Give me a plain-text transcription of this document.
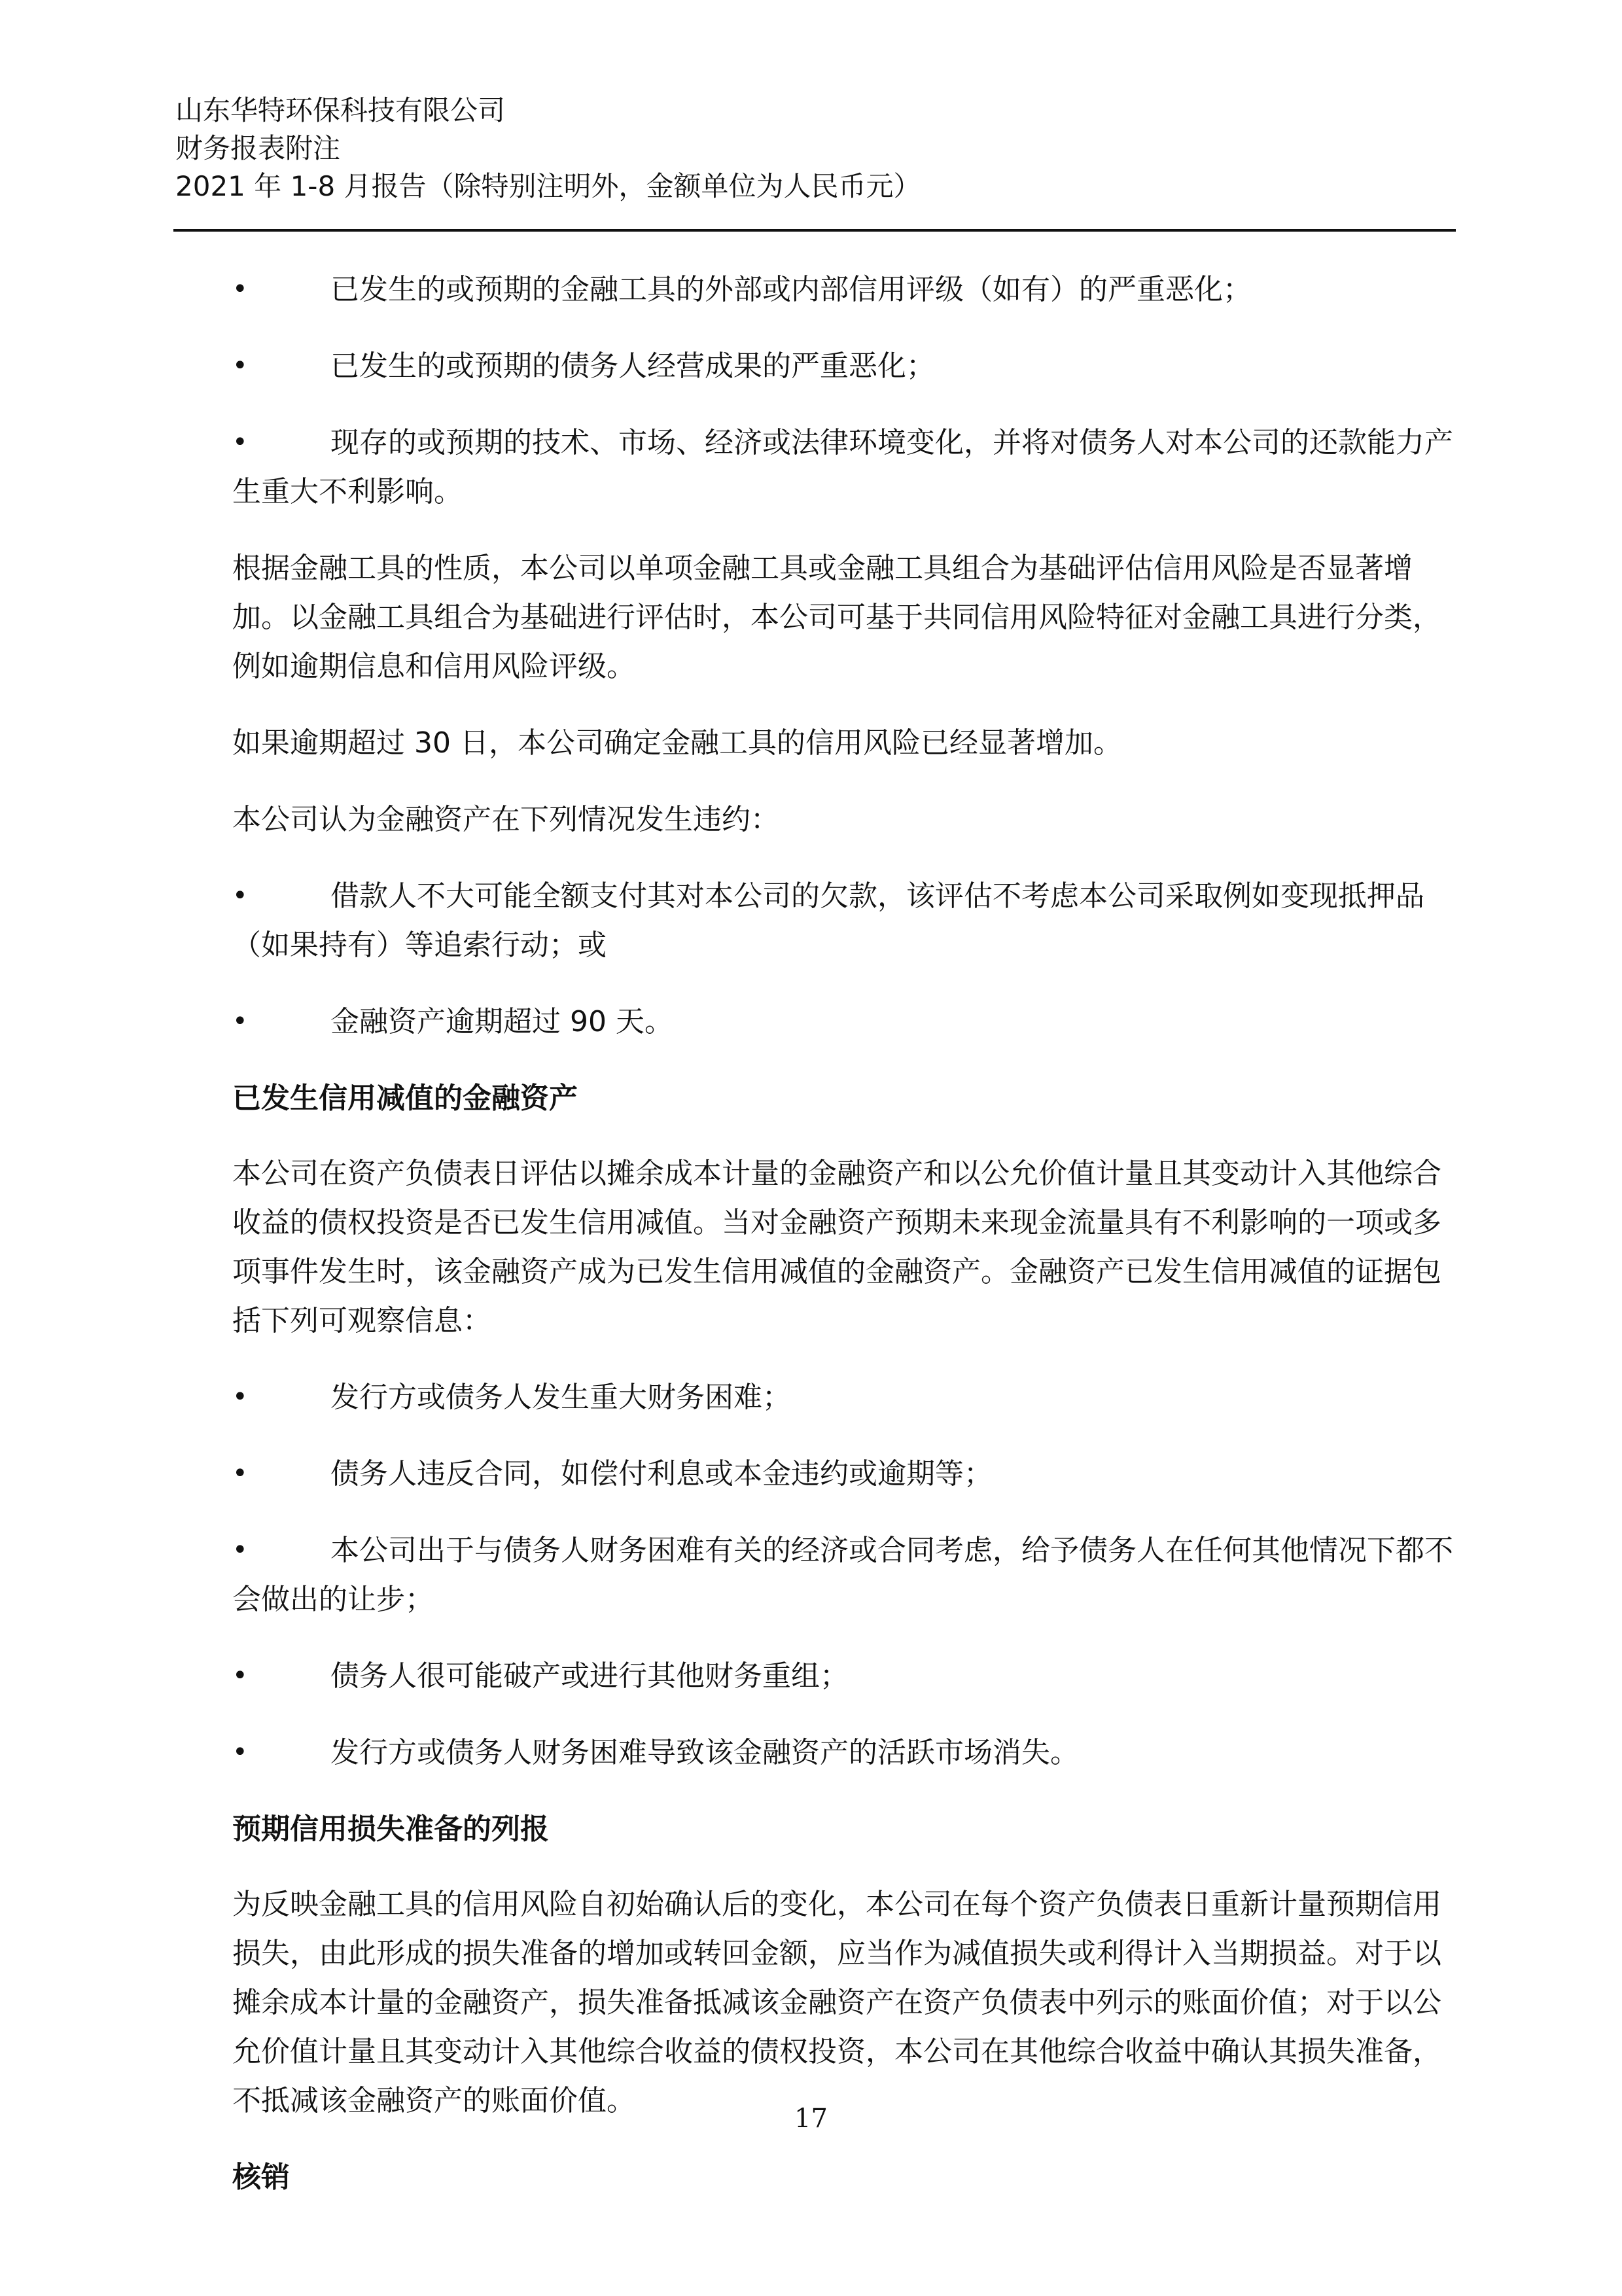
山东华特环保科技有限公司
财务报表附注
2021 年 1-8 月报告（除特别注明外，金额单位为人民币元）
•	已发生的或预期的金融工具的外部或内部信用评级（如有）的严重恶化；
•	已发生的或预期的债务人经营成果的严重恶化；
•	现存的或预期的技术、市场、经济或法律环境变化，并将对债务人对本公司的还款能力产生重大不利影响。

根据金融工具的性质，本公司以单项金融工具或金融工具组合为基础评估信用风险是否显著增加。以金融工具组合为基础进行评估时，本公司可基于共同信用风险特征对金融工具进行分类，例如逾期信息和信用风险评级。

如果逾期超过 30 日，本公司确定金融工具的信用风险已经显著增加。

本公司认为金融资产在下列情况发生违约：

•	借款人不大可能全额支付其对本公司的欠款，该评估不考虑本公司采取例如变现抵押品（如果持有）等追索行动；或
•	金融资产逾期超过 90 天。
已发生信用减值的金融资产

本公司在资产负债表日评估以摊余成本计量的金融资产和以公允价值计量且其变动计入其他综合收益的债权投资是否已发生信用减值。当对金融资产预期未来现金流量具有不利影响的一项或多项事件发生时，该金融资产成为已发生信用减值的金融资产。金融资产已发生信用减值的证据包括下列可观察信息：

•	发行方或债务人发生重大财务困难；
•	债务人违反合同，如偿付利息或本金违约或逾期等；
•	本公司出于与债务人财务困难有关的经济或合同考虑，给予债务人在任何其他情况下都不会做出的让步；
•	债务人很可能破产或进行其他财务重组；
•	发行方或债务人财务困难导致该金融资产的活跃市场消失。
预期信用损失准备的列报

为反映金融工具的信用风险自初始确认后的变化，本公司在每个资产负债表日重新计量预期信用损失，由此形成的损失准备的增加或转回金额，应当作为减值损失或利得计入当期损益。对于以摊余成本计量的金融资产，损失准备抵减该金融资产在资产负债表中列示的账面价值；对于以公允价值计量且其变动计入其他综合收益的债权投资，本公司在其他综合收益中确认其损失准备，不抵减该金融资产的账面价值。

核销
17
